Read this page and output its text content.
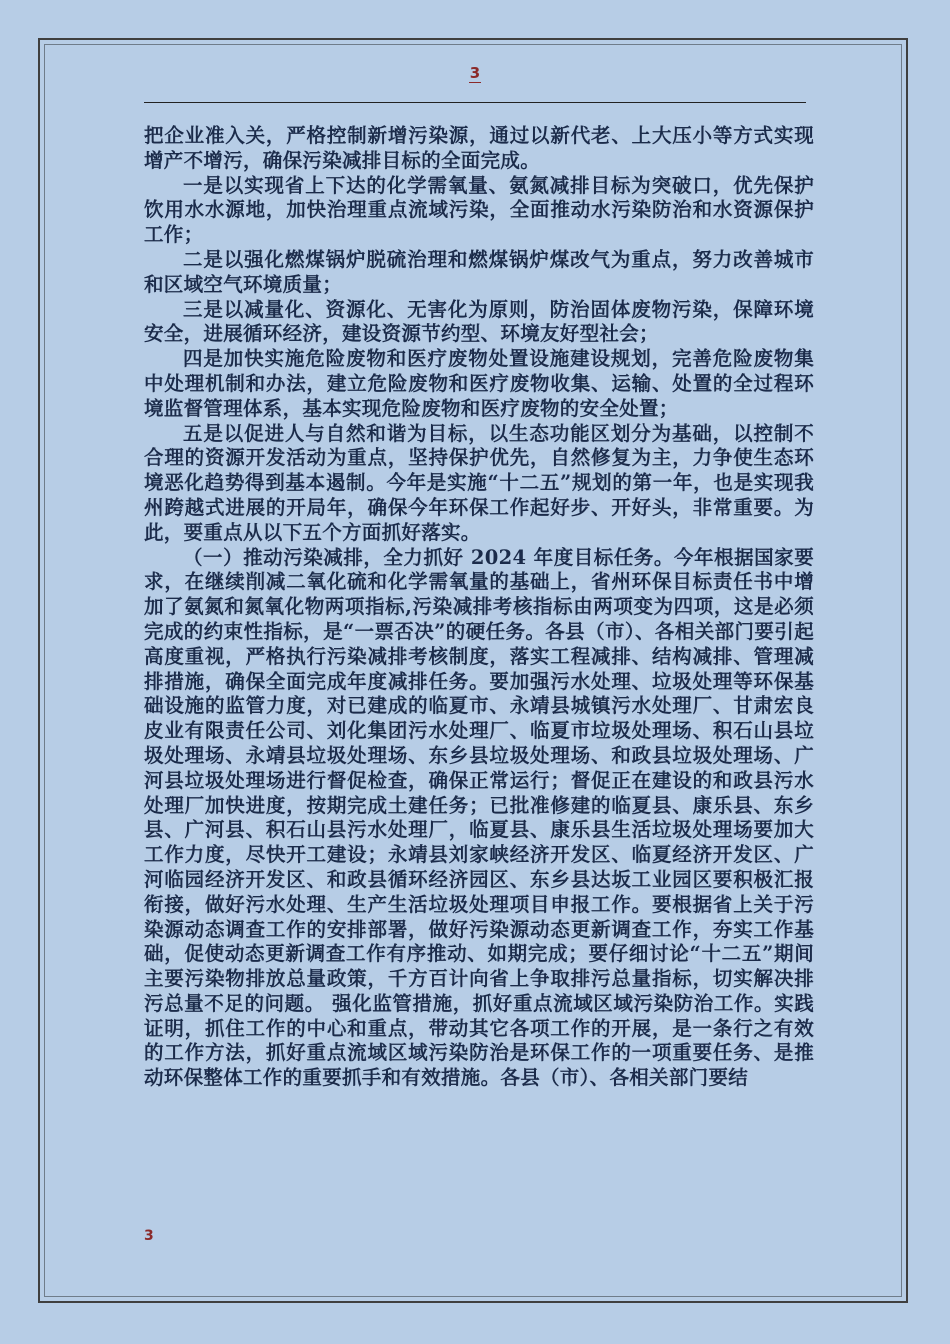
3

把企业准入关，严格控制新增污染源，通过以新代老、上大压小等方式实现增产不增污，确保污染减排目标的全面完成。

一是以实现省上下达的化学需氧量、氨氮减排目标为突破口，优先保护饮用水水源地，加快治理重点流域污染，全面推动水污染防治和水资源保护工作；

二是以强化燃煤锅炉脱硫治理和燃煤锅炉煤改气为重点，努力改善城市和区域空气环境质量；

三是以减量化、资源化、无害化为原则，防治固体废物污染，保障环境安全，进展循环经济，建设资源节约型、环境友好型社会；

四是加快实施危险废物和医疗废物处置设施建设规划，完善危险废物集中处理机制和办法，建立危险废物和医疗废物收集、运输、处置的全过程环境监督管理体系，基本实现危险废物和医疗废物的安全处置；

五是以促进人与自然和谐为目标，以生态功能区划分为基础，以控制不合理的资源开发活动为重点，坚持保护优先，自然修复为主，力争使生态环境恶化趋势得到基本遏制。今年是实施“十二五”规划的第一年，也是实现我州跨越式进展的开局年，确保今年环保工作起好步、开好头，非常重要。为此，要重点从以下五个方面抓好落实。

（一）推动污染减排，全力抓好 2024 年度目标任务。今年根据国家要求，在继续削减二氧化硫和化学需氧量的基础上，省州环保目标责任书中增加了氨氮和氮氧化物两项指标,污染减排考核指标由两项变为四项，这是必须完成的约束性指标，是“一票否决”的硬任务。各县（市）、各相关部门要引起高度重视，严格执行污染减排考核制度，落实工程减排、结构减排、管理减排措施，确保全面完成年度减排任务。要加强污水处理、垃圾处理等环保基础设施的监管力度，对已建成的临夏市、永靖县城镇污水处理厂、甘肃宏良皮业有限责任公司、刘化集团污水处理厂、临夏市垃圾处理场、积石山县垃圾处理场、永靖县垃圾处理场、东乡县垃圾处理场、和政县垃圾处理场、广河县垃圾处理场进行督促检查，确保正常运行；督促正在建设的和政县污水处理厂加快进度，按期完成土建任务；已批准修建的临夏县、康乐县、东乡县、广河县、积石山县污水处理厂，临夏县、康乐县生活垃圾处理场要加大工作力度，尽快开工建设；永靖县刘家峡经济开发区、临夏经济开发区、广河临园经济开发区、和政县循环经济园区、东乡县达坂工业园区要积极汇报衔接，做好污水处理、生产生活垃圾处理项目申报工作。要根据省上关于污染源动态调查工作的安排部署，做好污染源动态更新调查工作，夯实工作基础，促使动态更新调查工作有序推动、如期完成；要仔细讨论“十二五”期间主要污染物排放总量政策，千方百计向省上争取排污总量指标，切实解决排污总量不足的问题。 强化监管措施，抓好重点流域区域污染防治工作。实践证明，抓住工作的中心和重点，带动其它各项工作的开展，是一条行之有效的工作方法，抓好重点流域区域污染防治是环保工作的一项重要任务、是推动环保整体工作的重要抓手和有效措施。各县（市）、各相关部门要结

3
